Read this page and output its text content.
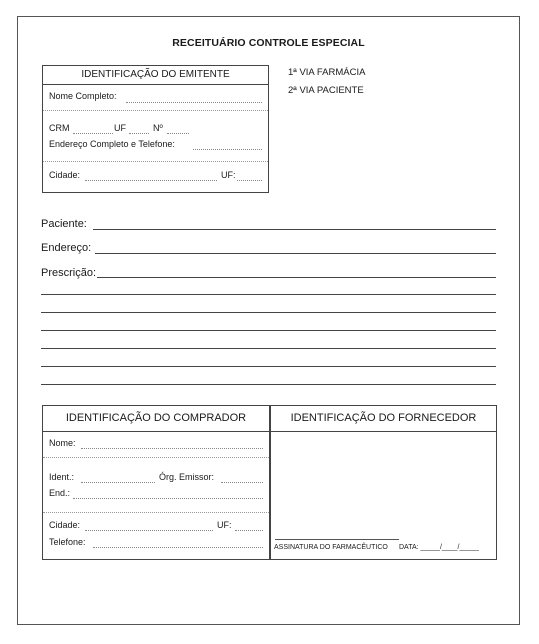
RECEITUÁRIO CONTROLE ESPECIAL
IDENTIFICAÇÃO DO EMITENTE
Nome Completo:
CRM	UF	Nº
Endereço Completo e Telefone:
Cidade:	UF:
1ª VIA FARMÁCIA
2ª VIA PACIENTE
Paciente:
Endereço:
Prescrição:
IDENTIFICAÇÃO DO COMPRADOR
Nome:
Ident.:	Órg. Emissor:
End.:
Cidade:	UF:
Telefone:
IDENTIFICAÇÃO DO FORNECEDOR
ASSINATURA DO FARMACÊUTICO DATA: _____/____/_____
